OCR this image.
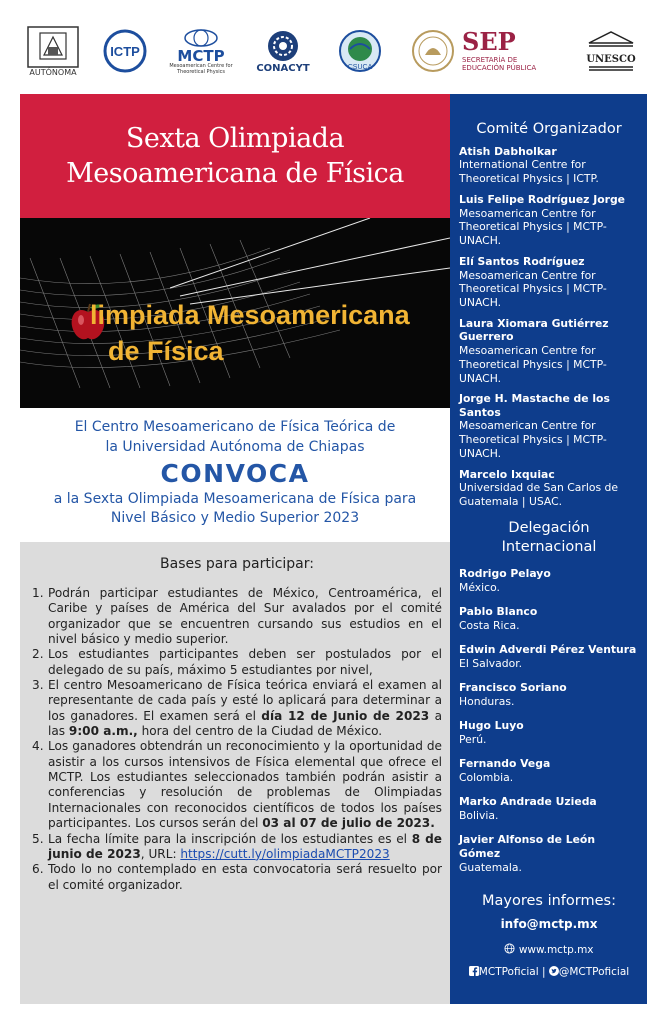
AUTÓNOMA
ICTP	MCTP
Mesoamerican Centre for Theoretical Physics	CONACYT	CSUCA
SEP
SECRETARÍA DE
EDUCACIÓN PÚBLICA
UNESCO
Sexta Olimpiada
Mesoamericana de Física
limpiada Mesoamericana
de Física
El Centro Mesoamericano de Física Teórica de
la Universidad Autónoma de Chiapas
CONVOCA
a la Sexta Olimpiada Mesoamericana de Física para
Nivel Básico y Medio Superior 2023
Bases para participar:
1. Podrán participar estudiantes de México, Centroamérica, el Caribe y países de América del Sur avalados por el comité organizador que se encuentren cursando sus estudios en el nivel básico y medio superior.
2. Los estudiantes participantes deben ser postulados por el delegado de su país, máximo 5 estudiantes por nivel,
3. El centro Mesoamericano de Física teórica enviará el examen al representante de cada país y esté lo aplicará para determinar a los ganadores. El examen será el día 12 de Junio de 2023 a las 9:00 a.m., hora del centro de la Ciudad de México.
4. Los ganadores obtendrán un reconocimiento y la oportunidad de asistir a los cursos intensivos de Física elemental que ofrece el MCTP. Los estudiantes seleccionados también podrán asistir a conferencias y resolución de problemas de Olimpiadas Internacionales con reconocidos científicos de todos los países participantes. Los cursos serán del 03 al 07 de julio de 2023.
5. La fecha límite para la inscripción de los estudiantes es el 8 de junio de 2023, URL: https://cutt.ly/olimpiadaMCTP2023
6. Todo lo no contemplado en esta convocatoria será resuelto por el comité organizador.
Comité Organizador
Atish Dabholkar
International Centre for Theoretical Physics | ICTP.
Luis Felipe Rodríguez Jorge
Mesoamerican Centre for Theoretical Physics | MCTP-UNACH.
Elí Santos Rodríguez
Mesoamerican Centre for Theoretical Physics | MCTP-UNACH.
Laura Xiomara Gutiérrez Guerrero
Mesoamerican Centre for Theoretical Physics | MCTP-UNACH.
Jorge H. Mastache de los Santos
Mesoamerican Centre for Theoretical Physics | MCTP-UNACH.
Marcelo Ixquiac
Universidad de San Carlos de Guatemala | USAC.
Delegación
Internacional
Rodrigo Pelayo
México.
Pablo Blanco
Costa Rica.
Edwin Adverdi Pérez Ventura
El Salvador.
Francisco Soriano
Honduras.
Hugo Luyo
Perú.
Fernando Vega
Colombia.
Marko Andrade Uzieda
Bolivia.
Javier Alfonso de León Gómez
Guatemala.
Mayores informes:
info@mctp.mx
www.mctp.mx
MCTPoficial | @MCTPoficial
